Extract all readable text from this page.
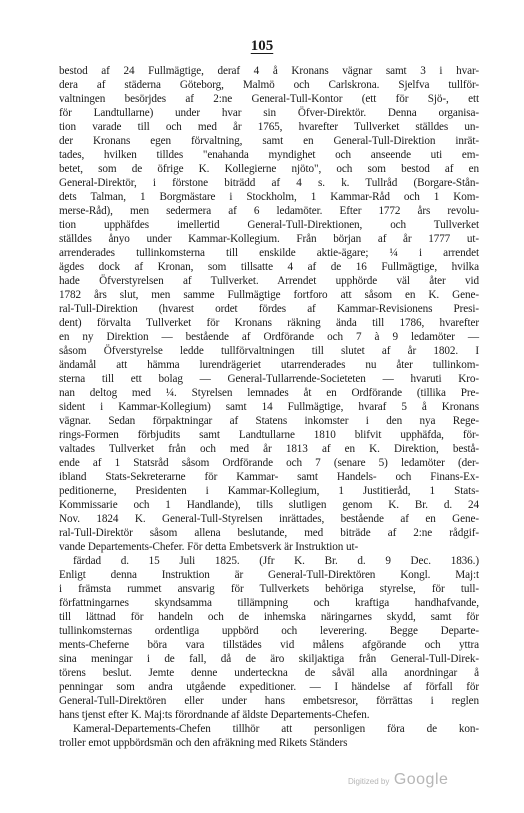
105
bestod af 24 Fullmägtige, deraf 4 å Kronans vägnar samt 3 i hvar-
dera af städerna Göteborg, Malmö och Carlskrona. Sjelfva tullför-
valtningen besörjdes af 2:ne General-Tull-Kontor (ett för Sjö-, ett
för Landtullarne) under hvar sin Öfver-Direktör. Denna organisa-
tion varade till och med år 1765, hvarefter Tullverket ställdes un-
der Kronans egen förvaltning, samt en General-Tull-Direktion inrät-
tades, hvilken tilldes "enahanda myndighet och anseende uti em-
betet, som de öfrige K. Kollegierne njöto", och som bestod af en
General-Direktör, i förstone biträdd af 4 s. k. Tullråd (Borgare-Stån-
dets Talman, 1 Borgmästare i Stockholm, 1 Kammar-Råd och 1 Kom-
merse-Råd), men sedermera af 6 ledamöter. Efter 1772 års revolu-
tion upphäfdes imellertid General-Tull-Direktionen, och Tullverket
ställdes ånyo under Kammar-Kollegium. Från början af år 1777 ut-
arrenderades tullinkomsterna till enskilde aktie-ägare; ¼ i arrendet
ägdes dock af Kronan, som tillsatte 4 af de 16 Fullmägtige, hvilka
hade Öfverstyrelsen af Tullverket. Arrendet upphörde väl åter vid
1782 års slut, men samme Fullmägtige fortforo att såsom en K. Gene-
ral-Tull-Direktion (hvarest ordet fördes af Kammar-Revisionens Presi-
dent) förvalta Tullverket för Kronans räkning ända till 1786, hvarefter
en ny Direktion — bestående af Ordförande och 7 à 9 ledamöter —
såsom Öfverstyrelse ledde tullförvaltningen till slutet af år 1802. I
ändamål att hämma lurendrägeriet utarrenderades nu åter tullinkom-
sterna till ett bolag — General-Tullarrende-Societeten — hvaruti Kro-
nan deltog med ¼. Styrelsen lemnades åt en Ordförande (tillika Pre-
sident i Kammar-Kollegium) samt 14 Fullmägtige, hvaraf 5 å Kronans
vägnar. Sedan förpaktningar af Statens inkomster i den nya Rege-
rings-Formen förbjudits samt Landtullarne 1810 blifvit upphäfda, för-
valtades Tullverket från och med år 1813 af en K. Direktion, bestå-
ende af 1 Statsråd såsom Ordförande och 7 (senare 5) ledamöter (der-
ibland Stats-Sekreterarne för Kammar- samt Handels- och Finans-Ex-
peditionerne, Presidenten i Kammar-Kollegium, 1 Justitieråd, 1 Stats-
Kommissarie och 1 Handlande), tills slutligen genom K. Br. d. 24
Nov. 1824 K. General-Tull-Styrelsen inrättades, bestående af en Gene-
ral-Tull-Direktör såsom allena beslutande, med biträde af 2:ne rådgif-
vande Departements-Chefer. För detta Embetsverk är Instruktion ut-
färdad d. 15 Juli 1825. (Jfr K. Br. d. 9 Dec. 1836.)
Enligt denna Instruktion är General-Tull-Direktören Kongl. Maj:t
i främsta rummet ansvarig för Tullverkets behöriga styrelse, för tull-
författningarnes skyndsamma tillämpning och kraftiga handhafvande,
till lättnad för handeln och de inhemska näringarnes skydd, samt för
tullinkomsternas ordentliga uppbörd och leverering. Begge Departe-
ments-Cheferne böra vara tillstädes vid målens afgörande och yttra
sina meningar i de fall, då de äro skiljaktiga från General-Tull-Direk-
törens beslut. Jemte denne undertecknа de såväl alla anordningar å
penningar som andra utgående expeditioner. — I händelse af förfall för
General-Tull-Direktören eller under hans embetsresor, förrättas i reglen
hans tjenst efter K. Maj:ts förordnande af äldste Departements-Chefen.
Kameral-Departements-Chefen tillhör att personligen föra de kon-
troller emot uppbördsmän och den afräkning med Rikets Ständers
Digitized by Google
